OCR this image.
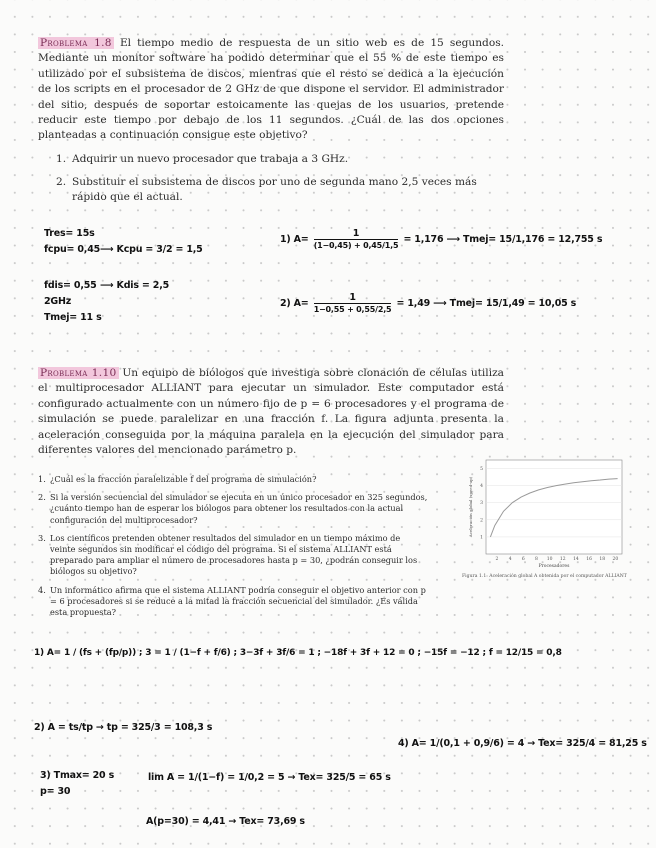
Problema 1.8 El tiempo medio de respuesta de un sitio web es de 15 segundos. Mediante un monitor software ha podido determinar que el 55 % de este tiempo es utilizado por el subsistema de discos, mientras que el resto se dedica a la ejecución de los scripts en el procesador de 2 GHz de que dispone el servidor. El administrador del sitio, después de soportar estoicamente las quejas de los usuarios, pretende reducir este tiempo por debajo de los 11 segundos. ¿Cuál de las dos opciones planteadas a continuación consigue este objetivo?
1. Adquirir un nuevo procesador que trabaja a 3 GHz.
2. Substituir el subsistema de discos por uno de segunda mano 2,5 veces más rápido que el actual.
Tres= 15s
fcpu= 0,45 ⟶ Kcpu = 3/2 = 1,5
fdis= 0,55 ⟶ Kdis = 2,5
2GHz
Tmej= 11 s
1) $A= \frac{1}{(1-0,45) + 0,45/1,5} = 1,176$ ⟶ Tmej= 15/1,176 = 12,755 s
2) $A= \frac{1}{1-0,55 + 0,55/2,5} = 1,49$ ⟶ Tmej= 15/1,49 = 10,05 s
Problema 1.10 Un equipo de biólogos que investiga sobre clonación de células utiliza el multiprocesador ALLIANT para ejecutar un simulador. Este computador está configurado actualmente con un número fijo de p = 6 procesadores y el programa de simulación se puede paralelizar en una fracción f. La figura adjunta presenta la aceleración conseguida por la máquina paralela en la ejecución del simulador para diferentes valores del mencionado parámetro p.
1. ¿Cuál es la fracción paralelizable f del programa de simulación?
2. Si la versión secuencial del simulador se ejecuta en un único procesador en 325 segundos, ¿cuánto tiempo han de esperar los biólogos para obtener los resultados con la actual configuración del multiprocesador?
3. Los científicos pretenden obtener resultados del simulador en un tiempo máximo de veinte segundos sin modificar el código del programa. Si el sistema ALLIANT está preparado para ampliar el número de procesadores hasta p = 30, ¿podrán conseguir los biólogos su objetivo?
4. Un informático afirma que el sistema ALLIANT podría conseguir el objetivo anterior con p = 6 procesadores si se reduce a la mitad la fracción secuencial del simulador. ¿Es válida esta propuesta?
1
2
3
4
5
2 4 6 8 10 12 14 16 18 20
Procesadores
Aceleración global (speed-up)
Figura 1.1: Aceleración global A obtenida por el computador ALLIANT
1) A= 1 / (fs + (fp/p)) ; 3 = 1 / (1−f + f/6) ; 3−3f + 3f/6 = 1 ; −18f + 3f + 12 = 0 ; −15f = −12 ; f = 12/15 = 0,8
2) A = ts/tp → tp = 325/3 = 108,3 s
3) Tmax= 20 s
p= 30
lim A = 1/(1−f) = 1/0,2 = 5 → Tex= 325/5 = 65 s
A(p=30) = 4,41 → Tex= 73,69 s
4) A= 1/(0,1 + 0,9/6) = 4 → Tex= 325/4 = 81,25 s
